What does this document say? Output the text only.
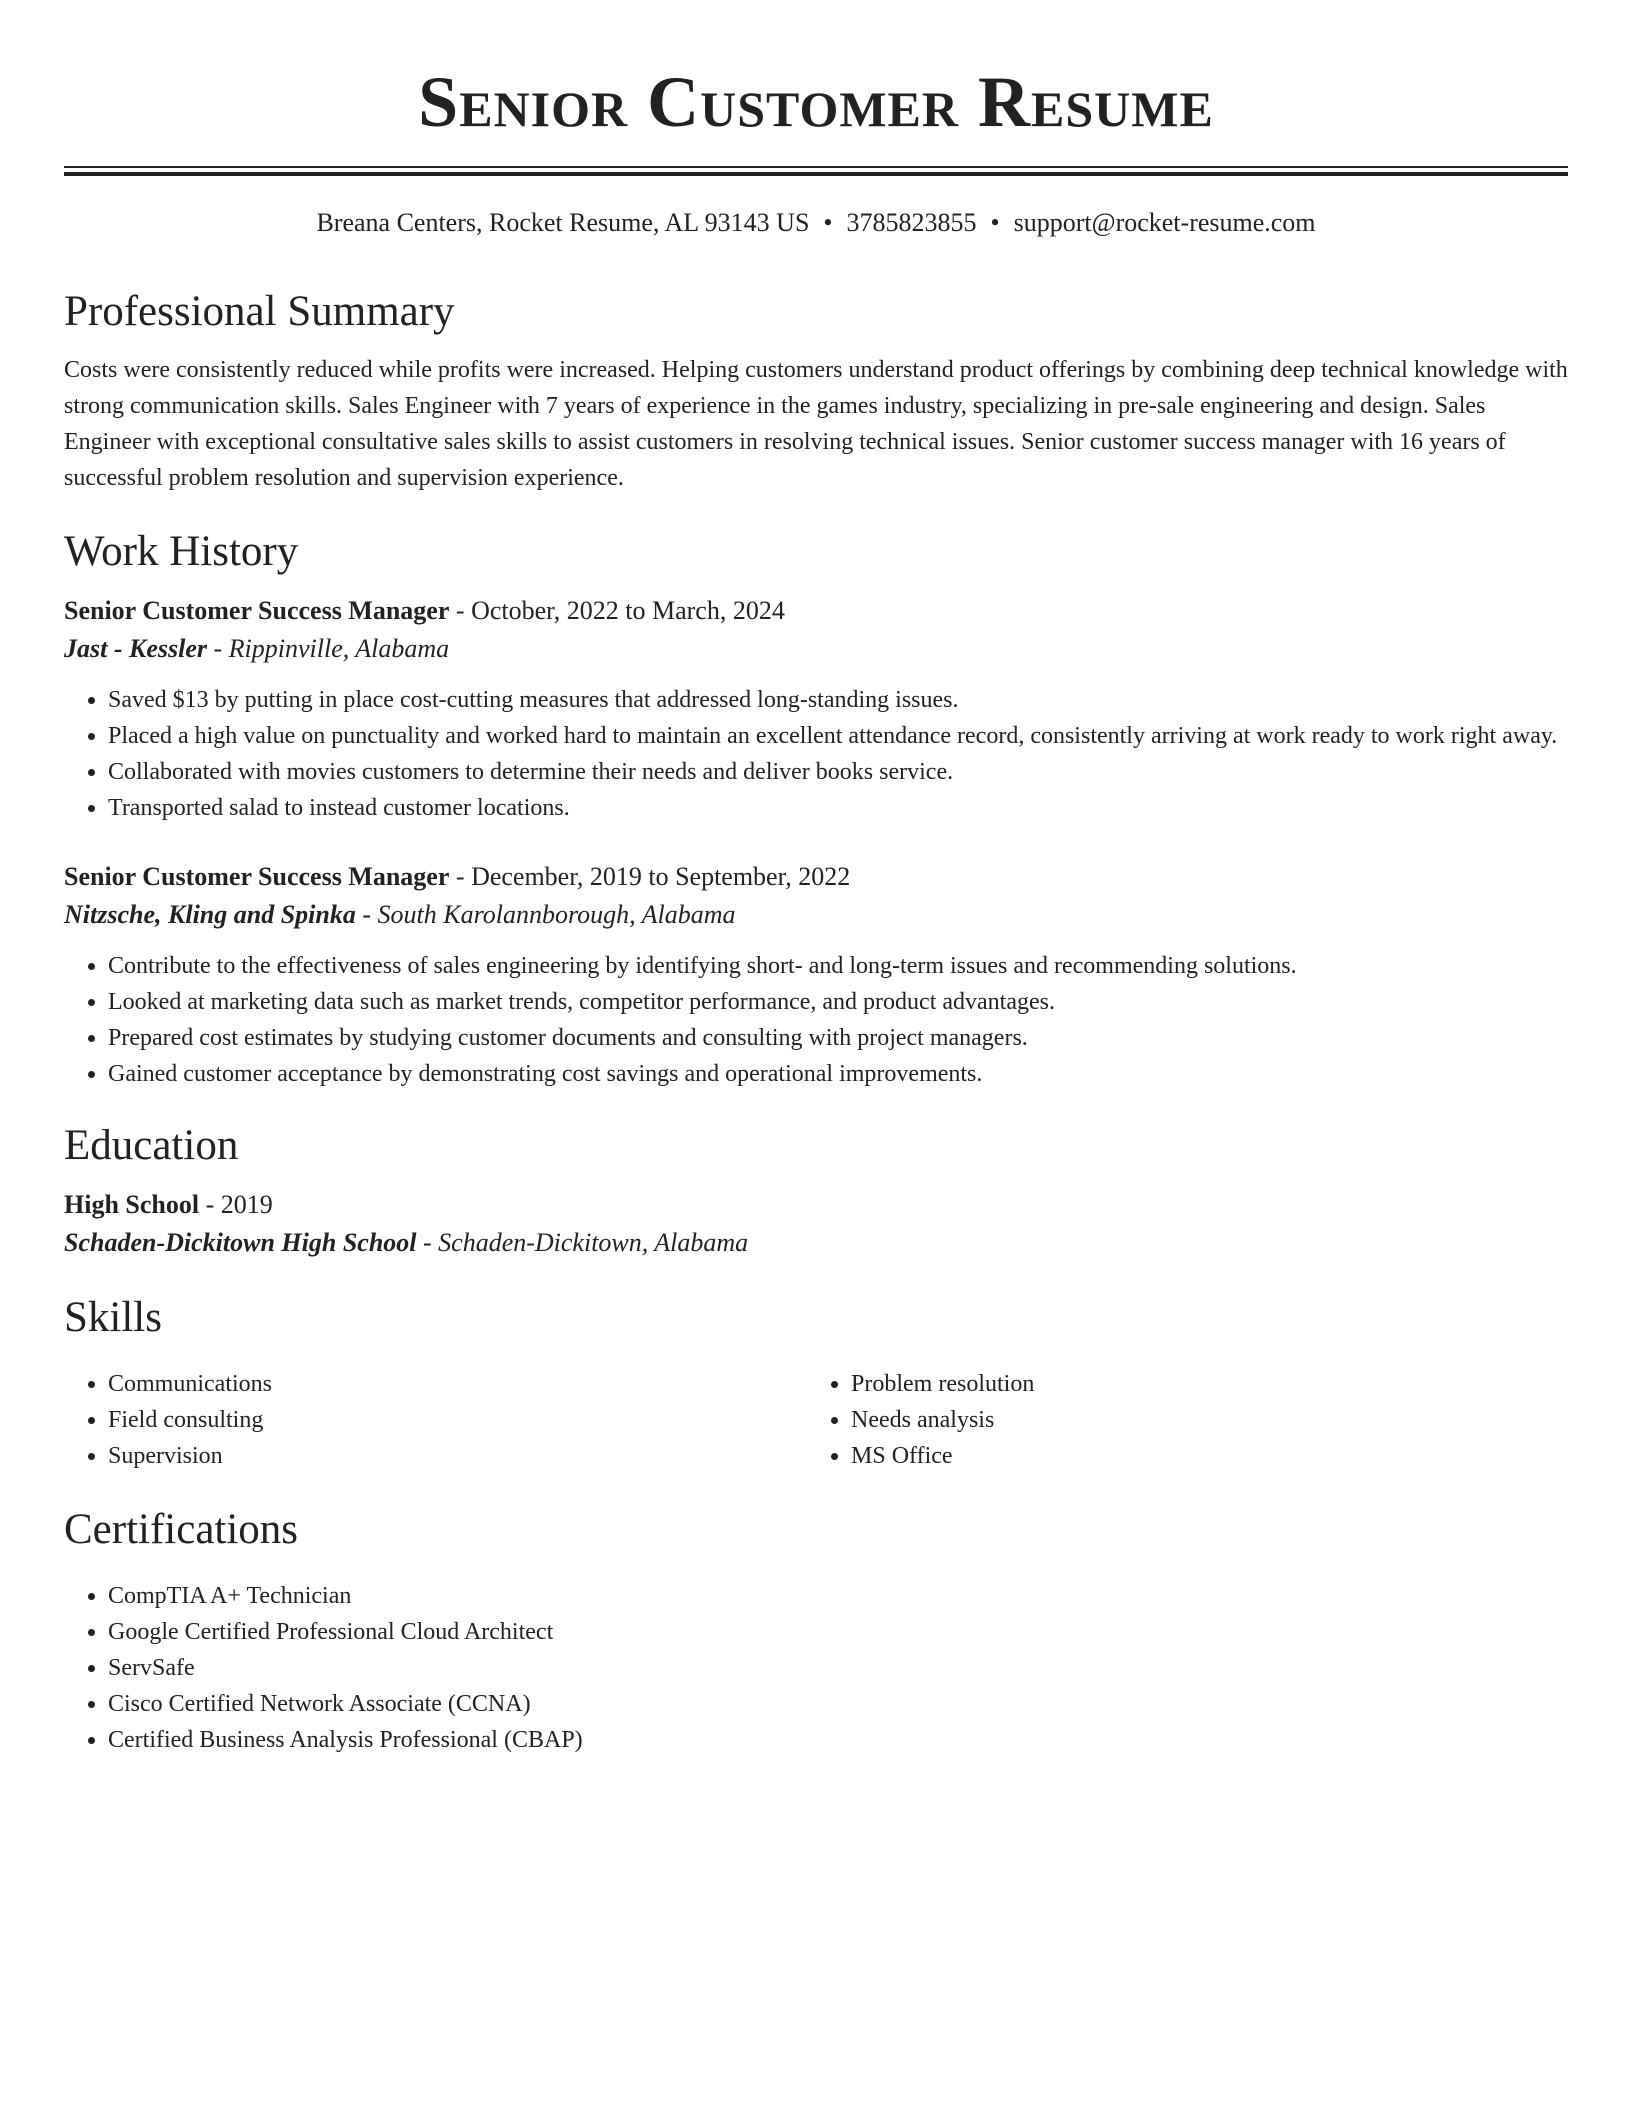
Senior Customer Resume
Breana Centers, Rocket Resume, AL 93143 US • 3785823855 • support@rocket-resume.com
Professional Summary

Costs were consistently reduced while profits were increased. Helping customers understand product offerings by combining deep technical knowledge with strong communication skills. Sales Engineer with 7 years of experience in the games industry, specializing in pre-sale engineering and design. Sales Engineer with exceptional consultative sales skills to assist customers in resolving technical issues. Senior customer success manager with 16 years of successful problem resolution and supervision experience.

Work History
Senior Customer Success Manager - October, 2022 to March, 2024
Jast - Kessler - Rippinville, Alabama
• Saved $13 by putting in place cost-cutting measures that addressed long-standing issues.
• Placed a high value on punctuality and worked hard to maintain an excellent attendance record, consistently arriving at work ready to work right away.
• Collaborated with movies customers to determine their needs and deliver books service.
• Transported salad to instead customer locations.
Senior Customer Success Manager - December, 2019 to September, 2022
Nitzsche, Kling and Spinka - South Karolannborough, Alabama
• Contribute to the effectiveness of sales engineering by identifying short- and long-term issues and recommending solutions.
• Looked at marketing data such as market trends, competitor performance, and product advantages.
• Prepared cost estimates by studying customer documents and consulting with project managers.
• Gained customer acceptance by demonstrating cost savings and operational improvements.
Education
High School - 2019
Schaden-Dickitown High School - Schaden-Dickitown, Alabama
Skills
• Communications
• Field consulting
• Supervision
• Problem resolution
• Needs analysis
• MS Office
Certifications
• CompTIA A+ Technician
• Google Certified Professional Cloud Architect
• ServSafe
• Cisco Certified Network Associate (CCNA)
• Certified Business Analysis Professional (CBAP)
